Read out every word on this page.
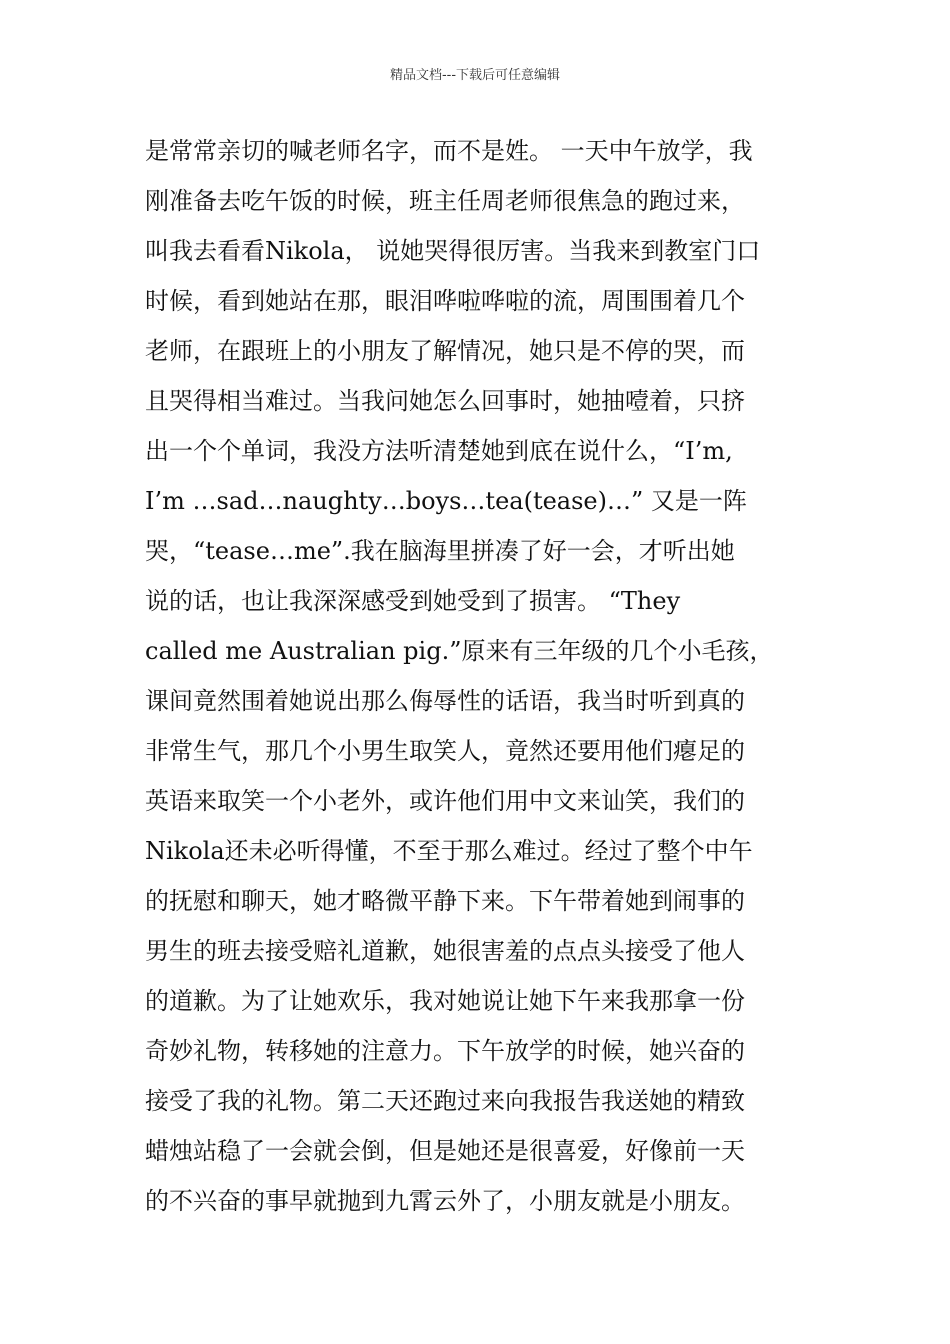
精品文档---下载后可任意编辑
是常常亲切的喊老师名字，而不是姓。 一天中午放学，我
刚准备去吃午饭的时候，班主任周老师很焦急的跑过来，
叫我去看看Nikola， 说她哭得很厉害。当我来到教室门口
时候，看到她站在那，眼泪哗啦哗啦的流，周围围着几个
老师，在跟班上的小朋友了解情况，她只是不停的哭，而
且哭得相当难过。当我问她怎么回事时，她抽噎着，只挤
出一个个单词，我没方法听清楚她到底在说什么，“I’m,
I’m …sad…naughty…boys…tea(tease)…” 又是一阵
哭，“tease…me”.我在脑海里拼凑了好一会，才听出她
说的话，也让我深深感受到她受到了损害。 “They
called me Australian pig.”原来有三年级的几个小毛孩，
课间竟然围着她说出那么侮辱性的话语，我当时听到真的
非常生气，那几个小男生取笑人，竟然还要用他们瘪足的
英语来取笑一个小老外，或许他们用中文来讪笑，我们的
Nikola还未必听得懂，不至于那么难过。经过了整个中午
的抚慰和聊天，她才略微平静下来。下午带着她到闹事的
男生的班去接受赔礼道歉，她很害羞的点点头接受了他人
的道歉。为了让她欢乐，我对她说让她下午来我那拿一份
奇妙礼物，转移她的注意力。下午放学的时候，她兴奋的
接受了我的礼物。第二天还跑过来向我报告我送她的精致
蜡烛站稳了一会就会倒，但是她还是很喜爱，好像前一天
的不兴奋的事早就抛到九霄云外了，小朋友就是小朋友。
